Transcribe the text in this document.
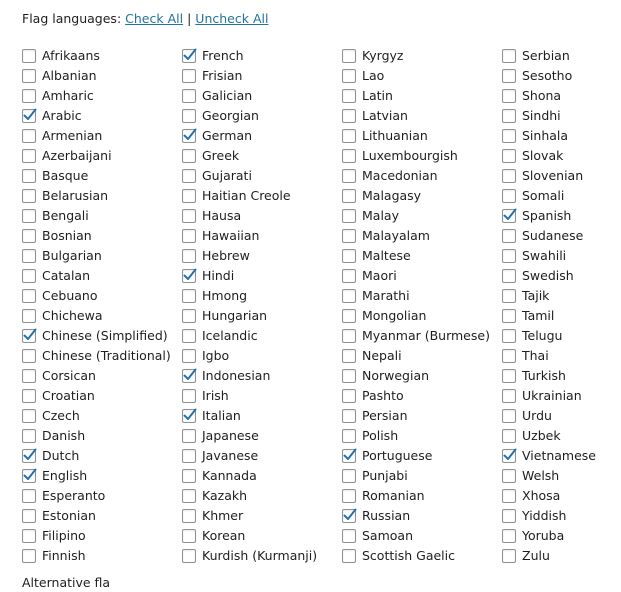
Flag languages: Check All | Uncheck All
Afrikaans
Albanian
Amharic
Arabic
Armenian
Azerbaijani
Basque
Belarusian
Bengali
Bosnian
Bulgarian
Catalan
Cebuano
Chichewa
Chinese (Simplified)
Chinese (Traditional)
Corsican
Croatian
Czech
Danish
Dutch
English
Esperanto
Estonian
Filipino
Finnish
French
Frisian
Galician
Georgian
German
Greek
Gujarati
Haitian Creole
Hausa
Hawaiian
Hebrew
Hindi
Hmong
Hungarian
Icelandic
Igbo
Indonesian
Irish
Italian
Japanese
Javanese
Kannada
Kazakh
Khmer
Korean
Kurdish (Kurmanji)
Kyrgyz
Lao
Latin
Latvian
Lithuanian
Luxembourgish
Macedonian
Malagasy
Malay
Malayalam
Maltese
Maori
Marathi
Mongolian
Myanmar (Burmese)
Nepali
Norwegian
Pashto
Persian
Polish
Portuguese
Punjabi
Romanian
Russian
Samoan
Scottish Gaelic
Serbian
Sesotho
Shona
Sindhi
Sinhala
Slovak
Slovenian
Somali
Spanish
Sudanese
Swahili
Swedish
Tajik
Tamil
Telugu
Thai
Turkish
Ukrainian
Urdu
Uzbek
Vietnamese
Welsh
Xhosa
Yiddish
Yoruba
Zulu
Alternative fla
